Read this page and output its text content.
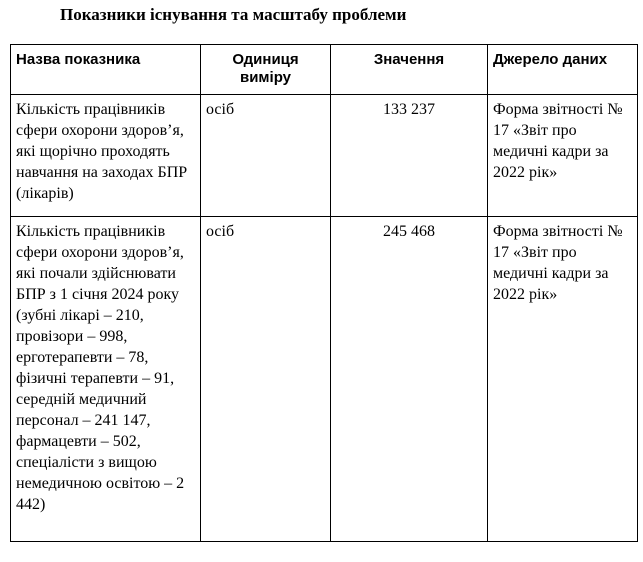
Показники існування та масштабу проблеми
Назва показника	Одиниця виміру	Значення	Джерело даних
Кількість працівників сфери охорони здоров’я, які щорічно проходять навчання на заходах БПР (лікарів)	осіб	133 237	Форма звітності № 17 «Звіт про медичні кадри за 2022 рік»
Кількість працівників сфери охорони здоров’я, які почали здійснювати БПР з 1 січня 2024 року (зубні лікарі – 210, провізори – 998, ерготерапевти – 78, фізичні терапевти – 91, середній медичний персонал – 241 147, фармацевти – 502, спеціалісти з вищою немедичною освітою – 2 442)	осіб	245 468	Форма звітності № 17 «Звіт про медичні кадри за 2022 рік»
